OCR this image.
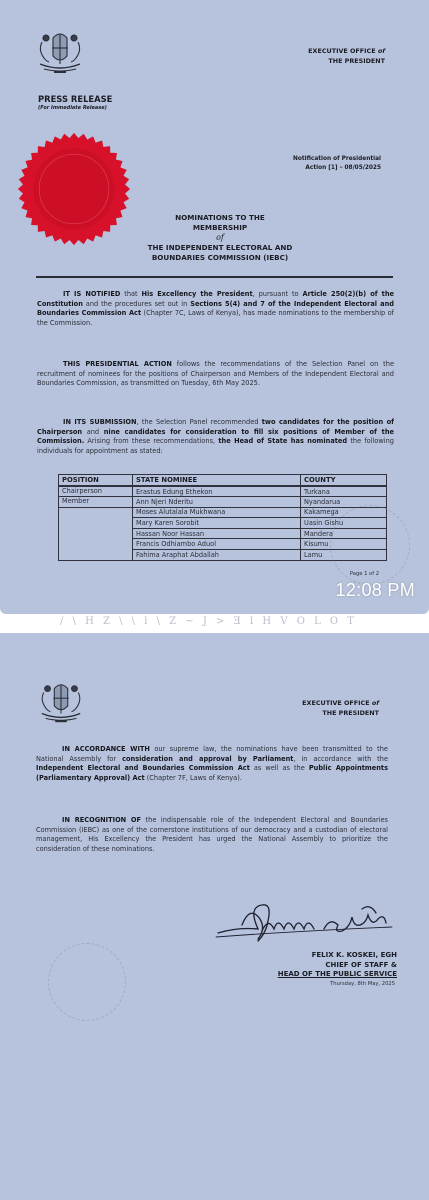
EXECUTIVE OFFICE of
THE PRESIDENT
PRESS RELEASE
(For Immediate Release)
Notification of Presidential
Action [1] – 08/05/2025
NOMINATIONS TO THE
MEMBERSHIP
of
THE INDEPENDENT ELECTORAL AND
BOUNDARIES COMMISSION (IEBC)

IT IS NOTIFIED that His Excellency the President, pursuant to Article 250(2)(b) of the Constitution and the procedures set out in Sections 5(4) and 7 of the Independent Electoral and Boundaries Commission Act (Chapter 7C, Laws of Kenya), has made nominations to the membership of the Commission.

THIS PRESIDENTIAL ACTION follows the recommendations of the Selection Panel on the recruitment of nominees for the positions of Chairperson and Members of the Independent Electoral and Boundaries Commission, as transmitted on Tuesday, 6th May 2025.

IN ITS SUBMISSION, the Selection Panel recommended two candidates for the position of Chairperson and nine candidates for consideration to fill six positions of Member of the Commission. Arising from these recommendations, the Head of State has nominated the following individuals for appointment as stated:

POSITION	STATE NOMINEE	COUNTY
Chairperson	Erastus Edung Ethekon	Turkana
Member	Ann Njeri Nderitu	Nyandarua
	Moses Alutalala Mukhwana	Kakamega
	Mary Karen Sorobit	Uasin Gishu
	Hassan Noor Hassan	Mandera
	Francis Odhiambo Aduol	Kisumu
	Fahima Araphat Abdallah	Lamu
Page 1 of 2
12:08 PM
/ \ H Z \ \ l \ Z ~ J > Ǝ l H V O L O T
EXECUTIVE OFFICE of
THE PRESIDENT

IN ACCORDANCE WITH our supreme law, the nominations have been transmitted to the National Assembly for consideration and approval by Parliament, in accordance with the Independent Electoral and Boundaries Commission Act as well as the Public Appointments (Parliamentary Approval) Act (Chapter 7F, Laws of Kenya).

IN RECOGNITION OF the indispensable role of the Independent Electoral and Boundaries Commission (IEBC) as one of the cornerstone institutions of our democracy and a custodian of electoral management, His Excellency the President has urged the National Assembly to prioritize the consideration of these nominations.

FELIX K. KOSKEI, EGH
CHIEF OF STAFF &
HEAD OF THE PUBLIC SERVICE
Thursday, 8th May, 2025
